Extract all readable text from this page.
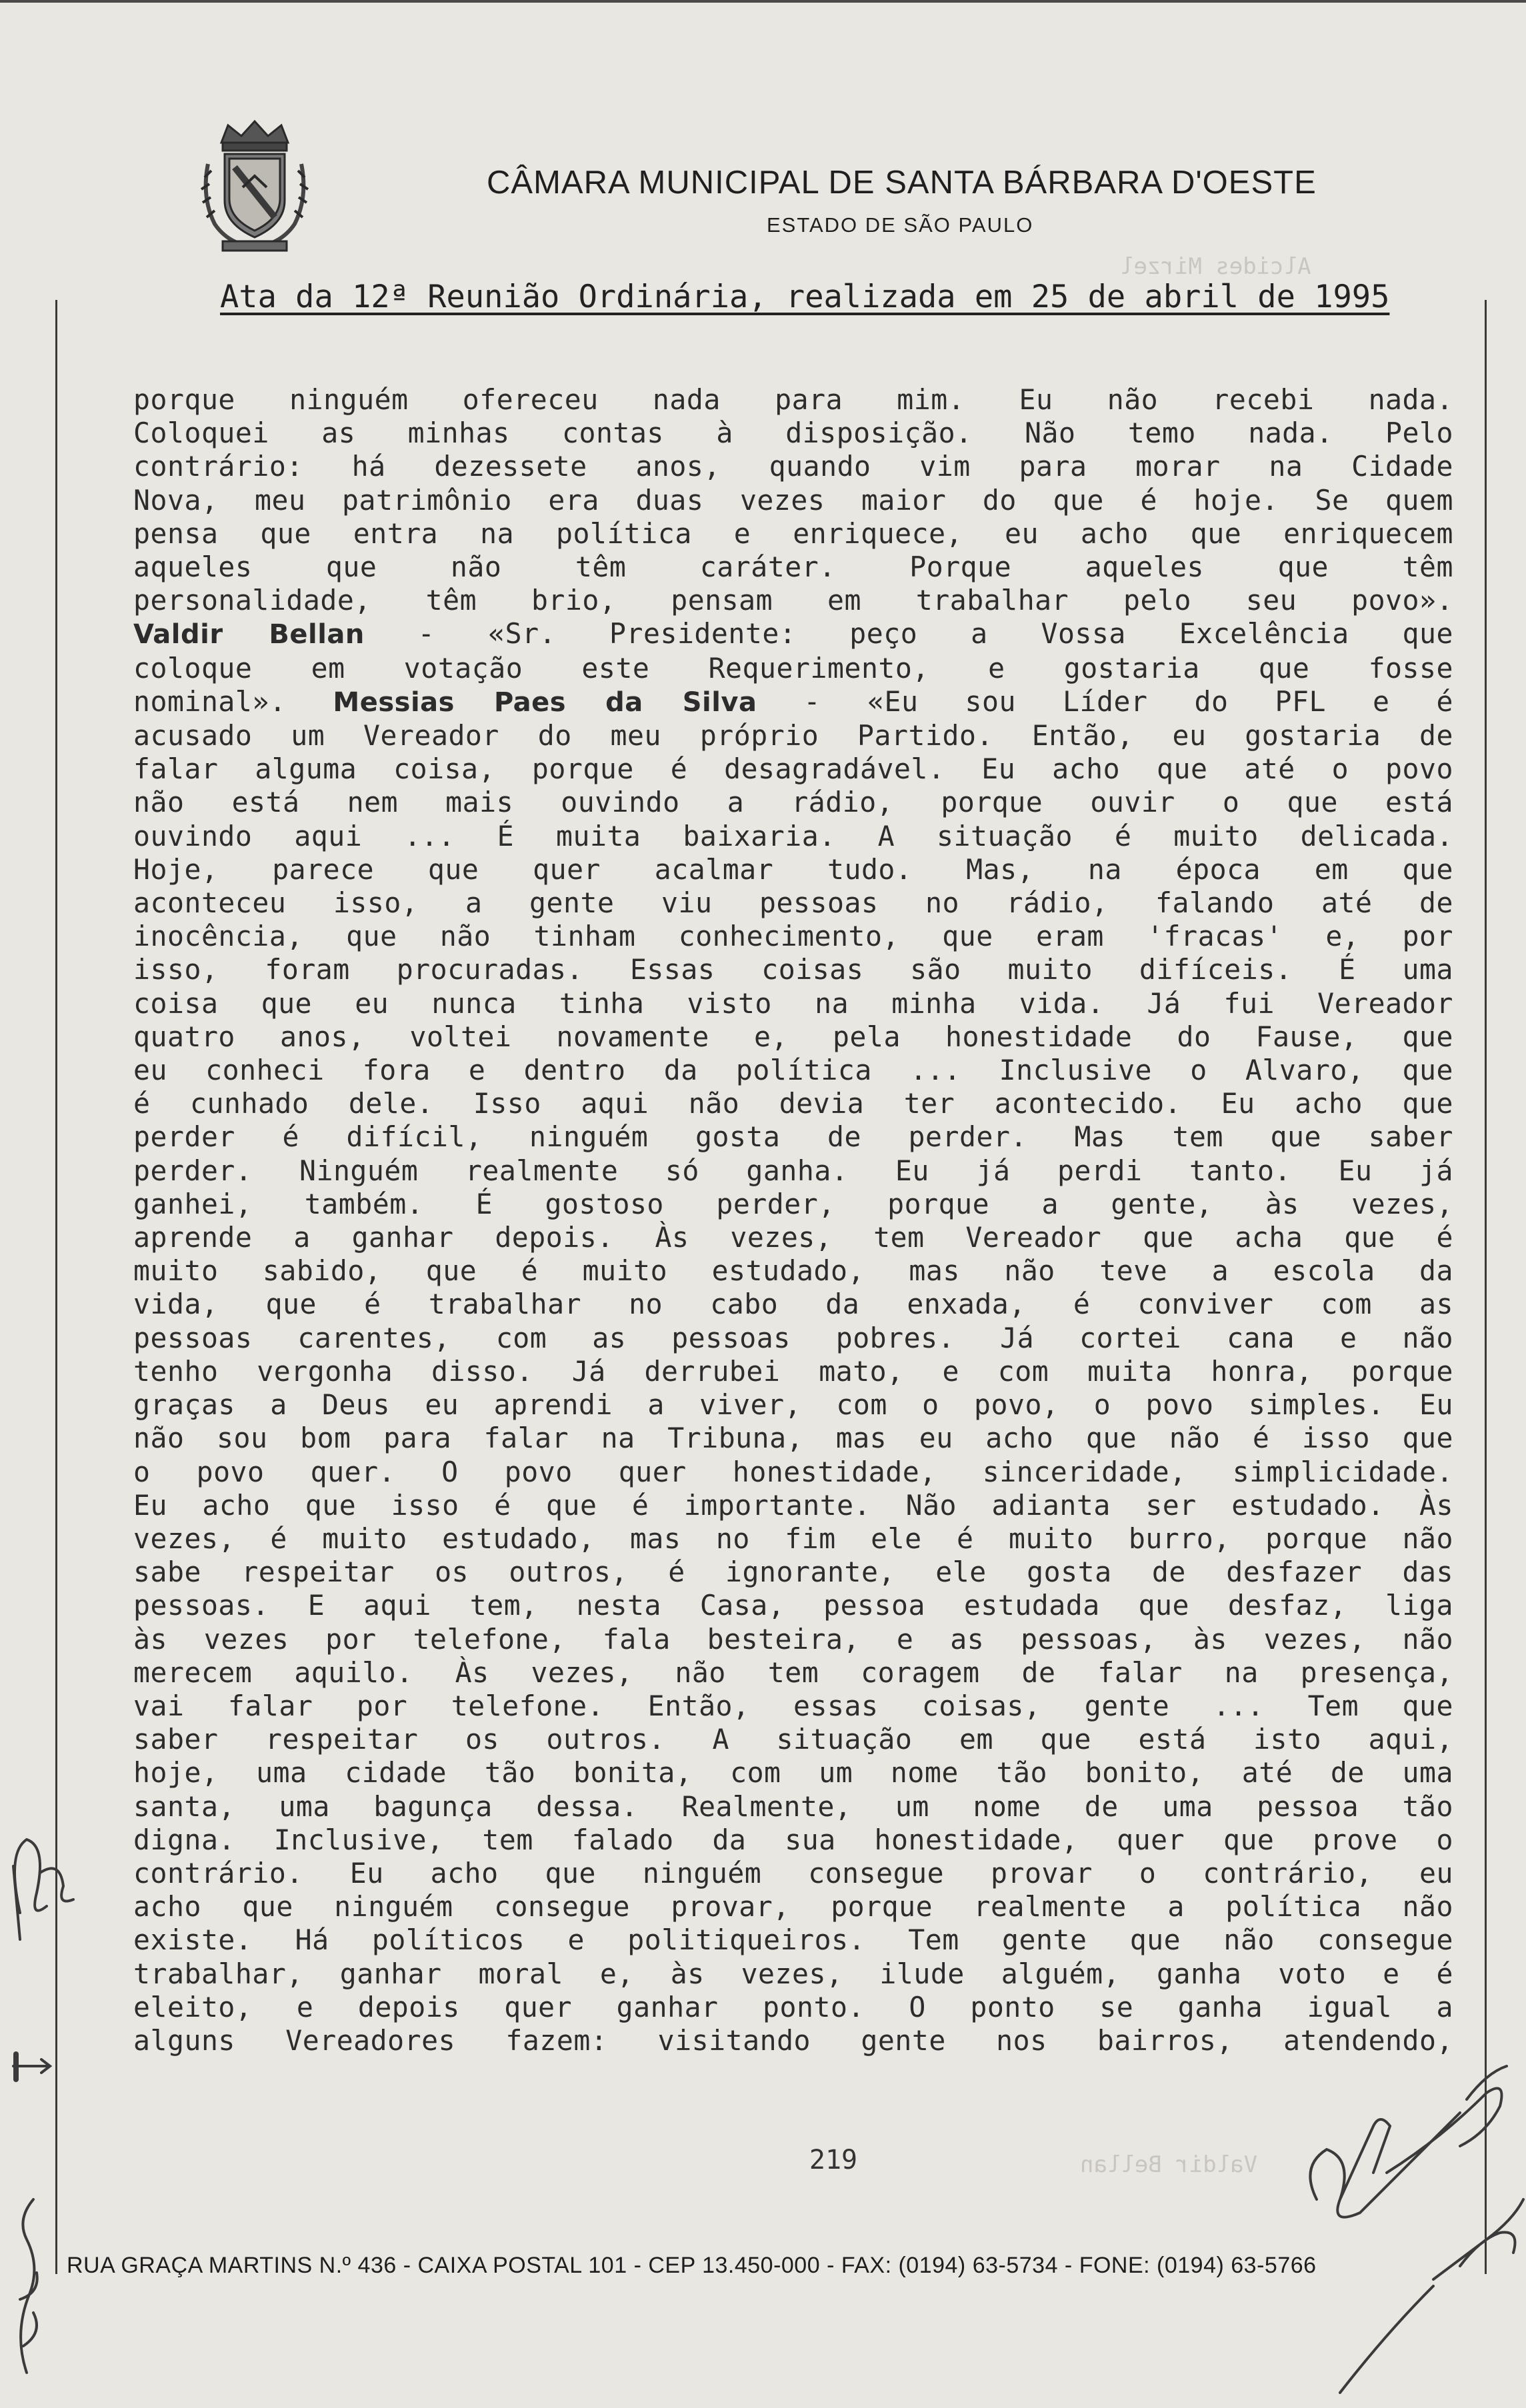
Alcides Mirzel
Valdir Bellan
CÂMARA MUNICIPAL DE SANTA BÁRBARA D'OESTE
ESTADO DE SÃO PAULO
Ata da 12ª Reunião Ordinária, realizada em 25 de abril de 1995
porque ninguém ofereceu nada para mim. Eu não recebi nada.
Coloquei as minhas contas à disposição. Não temo nada. Pelo
contrário: há dezessete anos, quando vim para morar na Cidade
Nova, meu patrimônio era duas vezes maior do que é hoje. Se quem
pensa que entra na política e enriquece, eu acho que enriquecem
aqueles que não têm caráter. Porque aqueles que têm
personalidade, têm brio, pensam em trabalhar pelo seu povo».
Valdir Bellan - «Sr. Presidente: peço a Vossa Excelência que
coloque em votação este Requerimento, e gostaria que fosse
nominal». Messias Paes da Silva - «Eu sou Líder do PFL e é
acusado um Vereador do meu próprio Partido. Então, eu gostaria de
falar alguma coisa, porque é desagradável. Eu acho que até o povo
não está nem mais ouvindo a rádio, porque ouvir o que está
ouvindo aqui ... É muita baixaria. A situação é muito delicada.
Hoje, parece que quer acalmar tudo. Mas, na época em que
aconteceu isso, a gente viu pessoas no rádio, falando até de
inocência, que não tinham conhecimento, que eram 'fracas' e, por
isso, foram procuradas. Essas coisas são muito difíceis. É uma
coisa que eu nunca tinha visto na minha vida. Já fui Vereador
quatro anos, voltei novamente e, pela honestidade do Fause, que
eu conheci fora e dentro da política ... Inclusive o Alvaro, que
é cunhado dele. Isso aqui não devia ter acontecido. Eu acho que
perder é difícil, ninguém gosta de perder. Mas tem que saber
perder. Ninguém realmente só ganha. Eu já perdi tanto. Eu já
ganhei, também. É gostoso perder, porque a gente, às vezes,
aprende a ganhar depois. Às vezes, tem Vereador que acha que é
muito sabido, que é muito estudado, mas não teve a escola da
vida, que é trabalhar no cabo da enxada, é conviver com as
pessoas carentes, com as pessoas pobres. Já cortei cana e não
tenho vergonha disso. Já derrubei mato, e com muita honra, porque
graças a Deus eu aprendi a viver, com o povo, o povo simples. Eu
não sou bom para falar na Tribuna, mas eu acho que não é isso que
o povo quer. O povo quer honestidade, sinceridade, simplicidade.
Eu acho que isso é que é importante. Não adianta ser estudado. Às
vezes, é muito estudado, mas no fim ele é muito burro, porque não
sabe respeitar os outros, é ignorante, ele gosta de desfazer das
pessoas. E aqui tem, nesta Casa, pessoa estudada que desfaz, liga
às vezes por telefone, fala besteira, e as pessoas, às vezes, não
merecem aquilo. Às vezes, não tem coragem de falar na presença,
vai falar por telefone. Então, essas coisas, gente ... Tem que
saber respeitar os outros. A situação em que está isto aqui,
hoje, uma cidade tão bonita, com um nome tão bonito, até de uma
santa, uma bagunça dessa. Realmente, um nome de uma pessoa tão
digna. Inclusive, tem falado da sua honestidade, quer que prove o
contrário. Eu acho que ninguém consegue provar o contrário, eu
acho que ninguém consegue provar, porque realmente a política não
existe. Há políticos e politiqueiros. Tem gente que não consegue
trabalhar, ganhar moral e, às vezes, ilude alguém, ganha voto e é
eleito, e depois quer ganhar ponto. O ponto se ganha igual a
alguns Vereadores fazem: visitando gente nos bairros, atendendo,
219
RUA GRAÇA MARTINS N.º 436 - CAIXA POSTAL 101 - CEP 13.450-000 - FAX: (0194) 63-5734 - FONE: (0194) 63-5766
